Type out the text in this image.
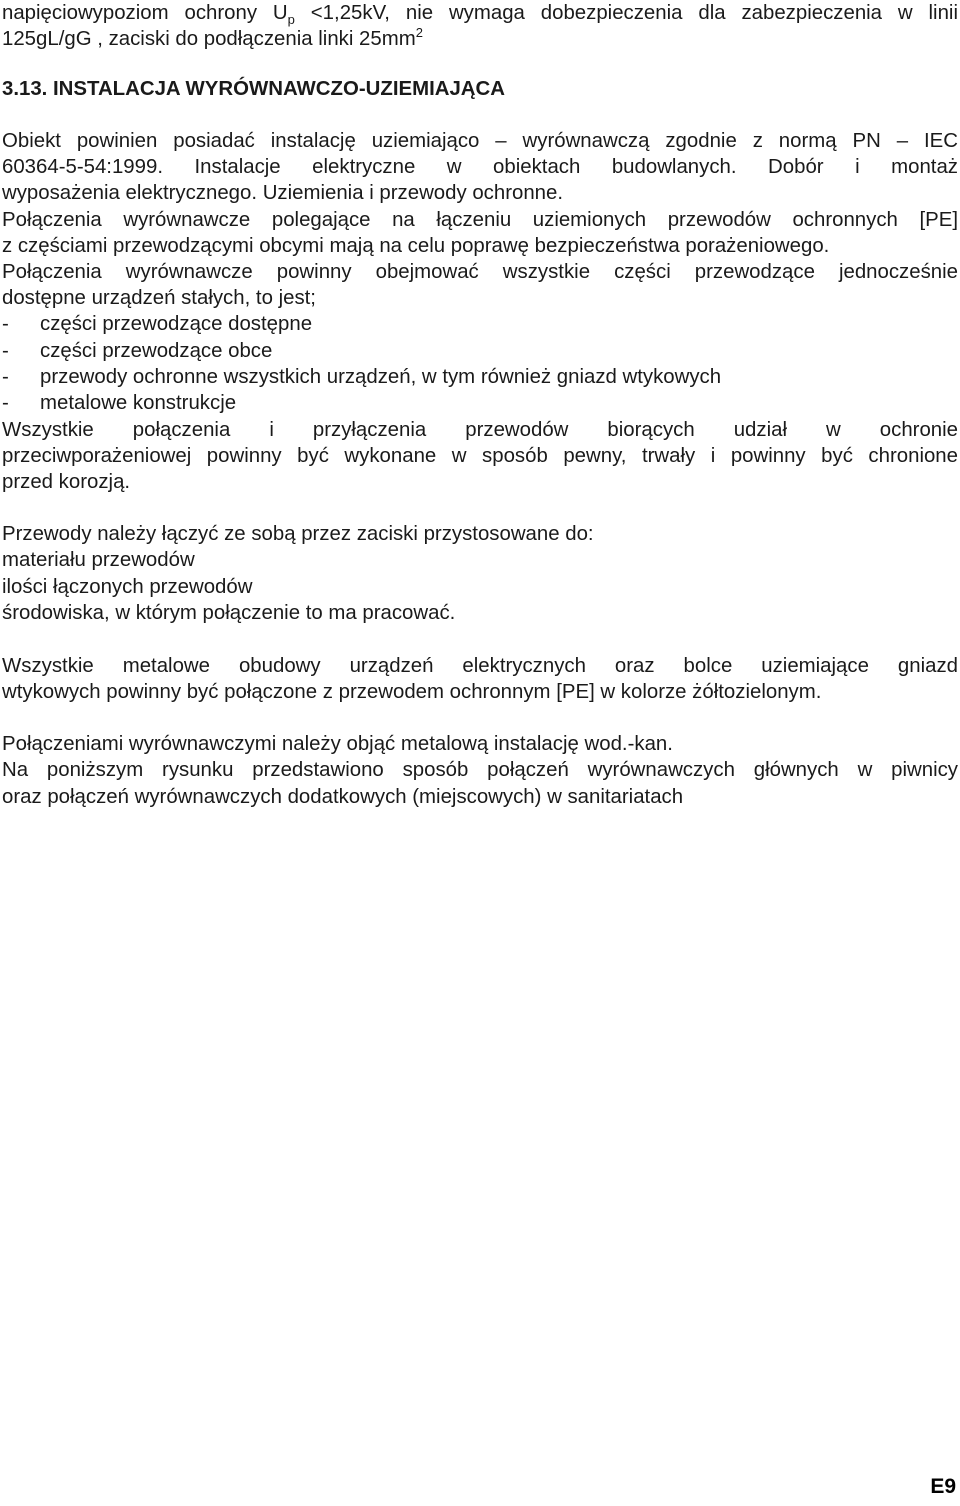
napięciowypoziom ochrony $U_p <1,25kV$, nie wymaga dobezpieczenia dla zabezpieczenia w linii
125gL/gG , zaciski do podłączenia linki $25mm^2$
3.13. INSTALACJA WYRÓWNAWCZO-UZIEMIAJĄCA
Obiekt powinien posiadać instalację uziemiająco – wyrównawczą zgodnie z normą PN – IEC
60364-5-54:1999. Instalacje elektryczne w obiektach budowlanych. Dobór i montaż
wyposażenia elektrycznego. Uziemienia i przewody ochronne.
Połączenia wyrównawcze polegające na łączeniu uziemionych przewodów ochronnych [PE]
z częściami przewodzącymi obcymi mają na celu poprawę bezpieczeństwa porażeniowego.
Połączenia wyrównawcze powinny obejmować wszystkie części przewodzące jednocześnie
dostępne urządzeń stałych, to jest;
- części przewodzące dostępne
- części przewodzące obce
- przewody ochronne wszystkich urządzeń, w tym również gniazd wtykowych
- metalowe konstrukcje
Wszystkie połączenia i przyłączenia przewodów biorących udział w ochronie
przeciwporażeniowej powinny być wykonane w sposób pewny, trwały i powinny być chronione
przed korozją.
Przewody należy łączyć ze sobą przez zaciski przystosowane do:
materiału przewodów
ilości łączonych przewodów
środowiska, w którym połączenie to ma pracować.
Wszystkie metalowe obudowy urządzeń elektrycznych oraz bolce uziemiające gniazd
wtykowych powinny być połączone z przewodem ochronnym [PE] w kolorze żółtozielonym.
Połączeniami wyrównawczymi należy objąć metalową instalację wod.-kan.
Na poniższym rysunku przedstawiono sposób połączeń wyrównawczych głównych w piwnicy
oraz połączeń wyrównawczych dodatkowych (miejscowych) w sanitariatach
E9
